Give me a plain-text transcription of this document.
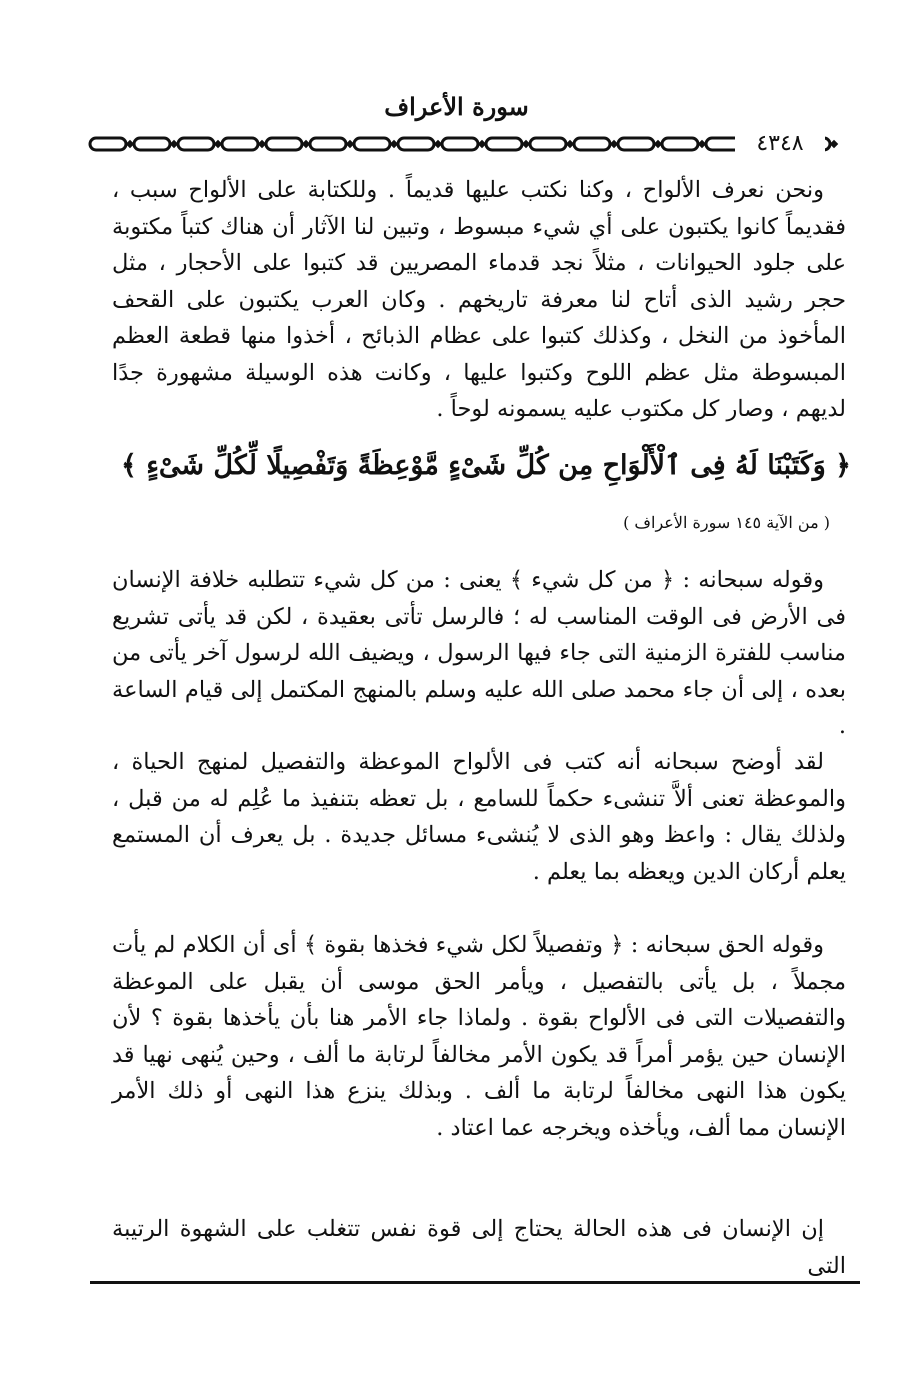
سورة الأعراف
٤٣٤٨

ونحن نعرف الألواح ، وكنا نكتب عليها قديماً . وللكتابة على الألواح سبب ، فقديماً كانوا يكتبون على أي شيء مبسوط ، وتبين لنا الآثار أن هناك كتباً مكتوبة على جلود الحيوانات ، مثلاً نجد قدماء المصريين قد كتبوا على الأحجار ، مثل حجر رشيد الذى أتاح لنا معرفة تاريخهم . وكان العرب يكتبون على القحف المأخوذ من النخل ، وكذلك كتبوا على عظام الذبائح ، أخذوا منها قطعة العظم المبسوطة مثل عظم اللوح وكتبوا عليها ، وكانت هذه الوسيلة مشهورة جدًا لديهم ، وصار كل مكتوب عليه يسمونه لوحاً .

﴿ وَكَتَبْنَا لَهُ فِى ٱلْأَلْوَاحِ مِن كُلِّ شَىْءٍ مَّوْعِظَةً وَتَفْصِيلًا لِّكُلِّ شَىْءٍ ﴾
( من الآية ١٤٥ سورة الأعراف )

وقوله سبحانه : ﴿ من كل شيء ﴾ يعنى : من كل شيء تتطلبه خلافة الإنسان فى الأرض فى الوقت المناسب له ؛ فالرسل تأتى بعقيدة ، لكن قد يأتى تشريع مناسب للفترة الزمنية التى جاء فيها الرسول ، ويضيف الله لرسول آخر يأتى من بعده ، إلى أن جاء محمد صلى الله عليه وسلم بالمنهج المكتمل إلى قيام الساعة .

لقد أوضح سبحانه أنه كتب فى الألواح الموعظة والتفصيل لمنهج الحياة ، والموعظة تعنى ألاَّ تنشىء حكماً للسامع ، بل تعظه بتنفيذ ما عُلِم له من قبل ، ولذلك يقال : واعظ وهو الذى لا يُنشىء مسائل جديدة . بل يعرف أن المستمع يعلم أركان الدين ويعظه بما يعلم .

وقوله الحق سبحانه : ﴿ وتفصيلاً لكل شيء فخذها بقوة ﴾ أى أن الكلام لم يأت مجملاً ، بل يأتى بالتفصيل ، ويأمر الحق موسى أن يقبل على الموعظة والتفصيلات التى فى الألواح بقوة . ولماذا جاء الأمر هنا بأن يأخذها بقوة ؟ لأن الإنسان حين يؤمر أمراً قد يكون الأمر مخالفاً لرتابة ما ألف ، وحين يُنهى نهيا قد يكون هذا النهى مخالفاً لرتابة ما ألف . وبذلك ينزع هذا النهى أو ذلك الأمر الإنسان مما ألف، ويأخذه ويخرجه عما اعتاد .

إن الإنسان فى هذه الحالة يحتاج إلى قوة نفس تتغلب على الشهوة الرتيبة التى
